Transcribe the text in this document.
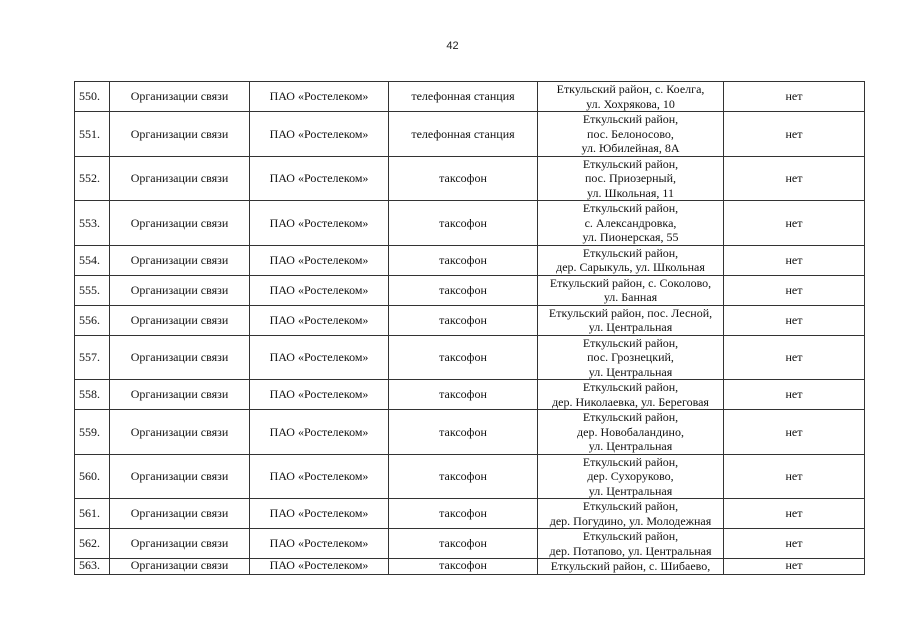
42
550.	Организации связи	ПАО «Ростелеком»	телефонная станция	Еткульский район, с. Коелга,
ул. Хохрякова, 10	нет
551.	Организации связи	ПАО «Ростелеком»	телефонная станция	Еткульский район,
пос. Белоносово,
ул. Юбилейная, 8А	нет
552.	Организации связи	ПАО «Ростелеком»	таксофон	Еткульский район,
пос. Приозерный,
ул. Школьная, 11	нет
553.	Организации связи	ПАО «Ростелеком»	таксофон	Еткульский район,
с. Александровка,
ул. Пионерская, 55	нет
554.	Организации связи	ПАО «Ростелеком»	таксофон	Еткульский район,
дер. Сарыкуль, ул. Школьная	нет
555.	Организации связи	ПАО «Ростелеком»	таксофон	Еткульский район, с. Соколово,
ул. Банная	нет
556.	Организации связи	ПАО «Ростелеком»	таксофон	Еткульский район, пос. Лесной,
ул. Центральная	нет
557.	Организации связи	ПАО «Ростелеком»	таксофон	Еткульский район,
пос. Грознецкий,
ул. Центральная	нет
558.	Организации связи	ПАО «Ростелеком»	таксофон	Еткульский район,
дер. Николаевка, ул. Береговая	нет
559.	Организации связи	ПАО «Ростелеком»	таксофон	Еткульский район,
дер. Новобаландино,
ул. Центральная	нет
560.	Организации связи	ПАО «Ростелеком»	таксофон	Еткульский район,
дер. Сухоруково,
ул. Центральная	нет
561.	Организации связи	ПАО «Ростелеком»	таксофон	Еткульский район,
дер. Погудино, ул. Молодежная	нет
562.	Организации связи	ПАО «Ростелеком»	таксофон	Еткульский район,
дер. Потапово, ул. Центральная	нет
563.	Организации связи	ПАО «Ростелеком»	таксофон	Еткульский район, с. Шибаево,	нет
